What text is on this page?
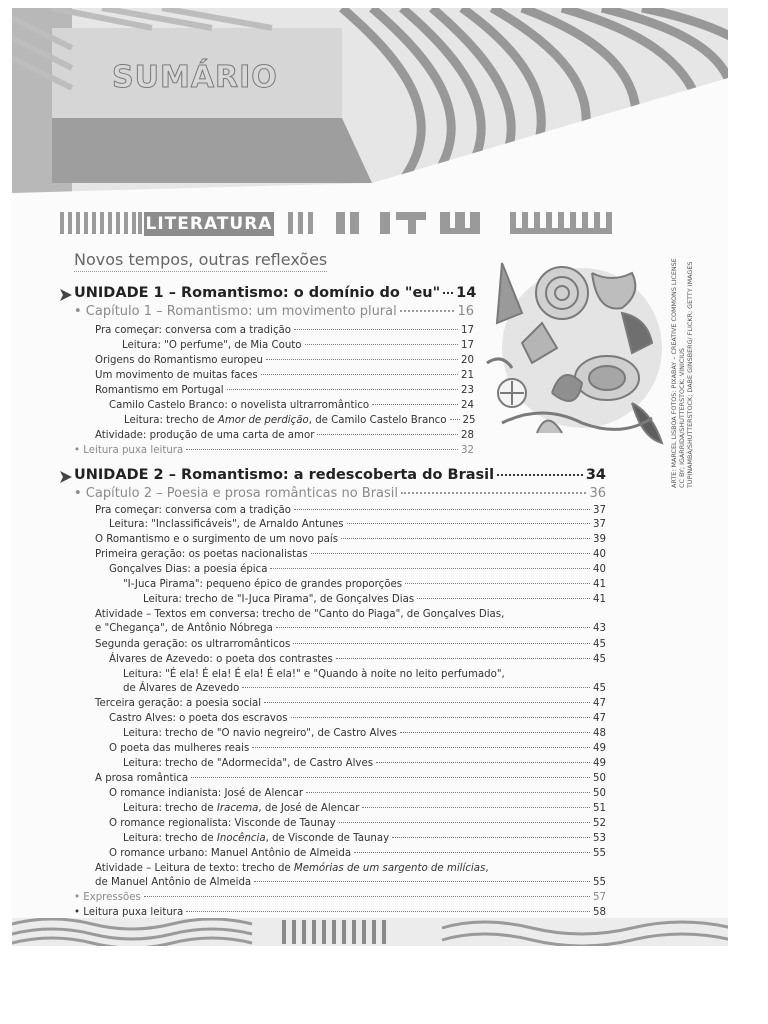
SUMÁRIO
LITERATURA
Novos tempos, outras reflexões	ARTE: MARCEL LISBOA FOTOS: PIXABAY – CREATIVE COMMONS LICENSE CC BY; IGARRIDA/SHUTTERSTOCK; VINICIUS TUPINAMBÁ/SHUTTERSTOCK; DABE GINSBERG/ FLICKR; GETTY IMAGES
UNIDADE 1 – Romantismo: o domínio do "eu" 14
• Capítulo 1 – Romantismo: um movimento plural	16
Pra começar: conversa com a tradição	17
Leitura: "O perfume", de Mia Couto	17
Origens do Romantismo europeu	20
Um movimento de muitas faces	21
Romantismo em Portugal	23
Camilo Castelo Branco: o novelista ultrarromântico	24
Leitura: trecho de Amor de perdição, de Camilo Castelo Branco 25
Atividade: produção de uma carta de amor	28
• Leitura puxa leitura	32
UNIDADE 2 – Romantismo: a redescoberta do Brasil	34
• Capítulo 2 – Poesia e prosa românticas no Brasil	36
Pra começar: conversa com a tradição	37
Leitura: "Inclassificáveis", de Arnaldo Antunes	37
O Romantismo e o surgimento de um novo país	39
Primeira geração: os poetas nacionalistas	40
Gonçalves Dias: a poesia épica	40
"I-Juca Pirama": pequeno épico de grandes proporções	41
Leitura: trecho de "I-Juca Pirama", de Gonçalves Dias	41
Atividade – Textos em conversa: trecho de "Canto do Piaga", de Gonçalves Dias,
e "Chegança", de Antônio Nóbrega	43
Segunda geração: os ultrarromânticos	45
Álvares de Azevedo: o poeta dos contrastes	45
Leitura: "É ela! É ela! É ela! É ela!" e "Quando à noite no leito perfumado",
de Álvares de Azevedo	45
Terceira geração: a poesia social	47
Castro Alves: o poeta dos escravos	47
Leitura: trecho de "O navio negreiro", de Castro Alves	48
O poeta das mulheres reais	49
Leitura: trecho de "Adormecida", de Castro Alves	49
A prosa romântica	50
O romance indianista: José de Alencar	50
Leitura: trecho de Iracema, de José de Alencar	51
O romance regionalista: Visconde de Taunay	52
Leitura: trecho de Inocência, de Visconde de Taunay	53
O romance urbano: Manuel Antônio de Almeida	55
Atividade – Leitura de texto: trecho de Memórias de um sargento de milícias,
de Manuel Antônio de Almeida	55
• Expressões	57
• Leitura puxa leitura	58
